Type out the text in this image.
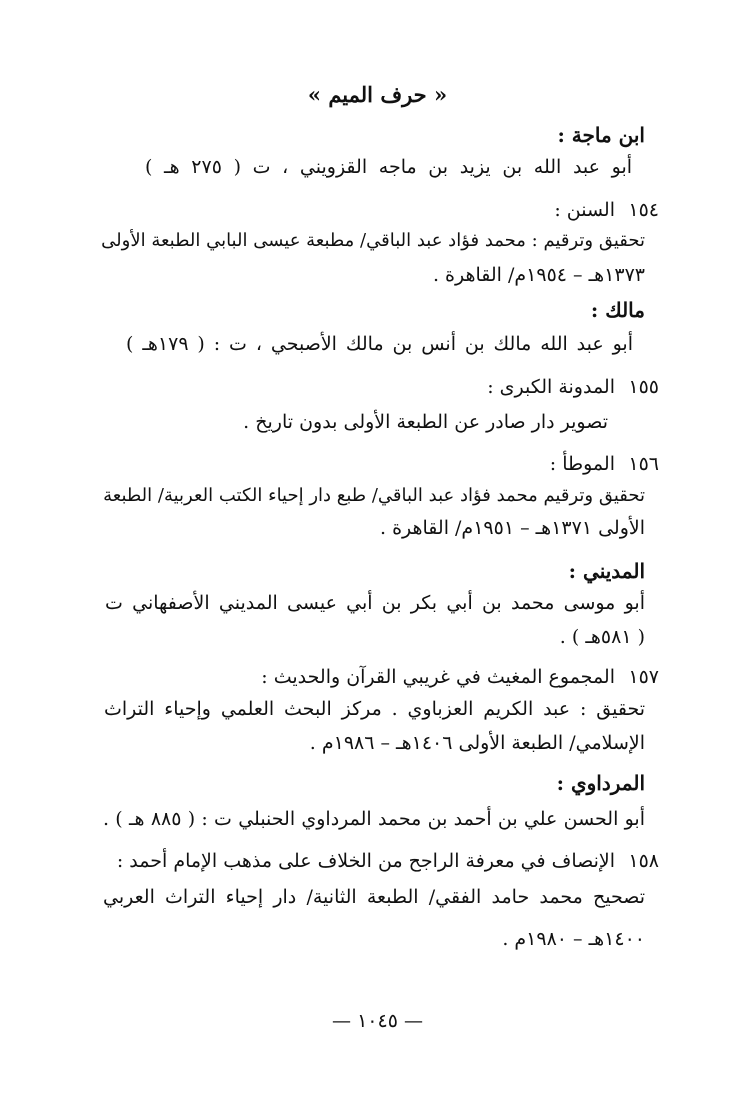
« حرف الميم »
ابن ماجة :
أبو عبد الله بن يزيد بن ماجه القزويني ، ت ( ٢٧٥ هـ )
١٥٤
السنن :
تحقيق وترقيم : محمد فؤاد عبد الباقي/ مطبعة عيسى البابي الطبعة الأولى
١٣٧٣هـ – ١٩٥٤م/ القاهرة .
مالك :
أبو عبد الله مالك بن أنس بن مالك الأصبحي ، ت : ( ١٧٩هـ )
١٥٥
المدونة الكبرى :
تصوير دار صادر عن الطبعة الأولى بدون تاريخ .
١٥٦
الموطأ :
تحقيق وترقيم محمد فؤاد عبد الباقي/ طبع دار إحياء الكتب العربية/ الطبعة
الأولى ١٣٧١هـ – ١٩٥١م/ القاهرة .
المديني :
أبو موسى محمد بن أبي بكر بن أبي عيسى المديني الأصفهاني ت
( ٥٨١هـ ) .
١٥٧
المجموع المغيث في غريبي القرآن والحديث :
تحقيق : عبد الكريم العزباوي . مركز البحث العلمي وإحياء التراث
الإسلامي/ الطبعة الأولى ١٤٠٦هـ – ١٩٨٦م .
المرداوي :
أبو الحسن علي بن أحمد بن محمد المرداوي الحنبلي ت : ( ٨٨٥ هـ ) .
١٥٨
الإنصاف في معرفة الراجح من الخلاف على مذهب الإمام أحمد :
تصحيح محمد حامد الفقي/ الطبعة الثانية/ دار إحياء التراث العربي
١٤٠٠هـ – ١٩٨٠م .
— ١٠٤٥ —
